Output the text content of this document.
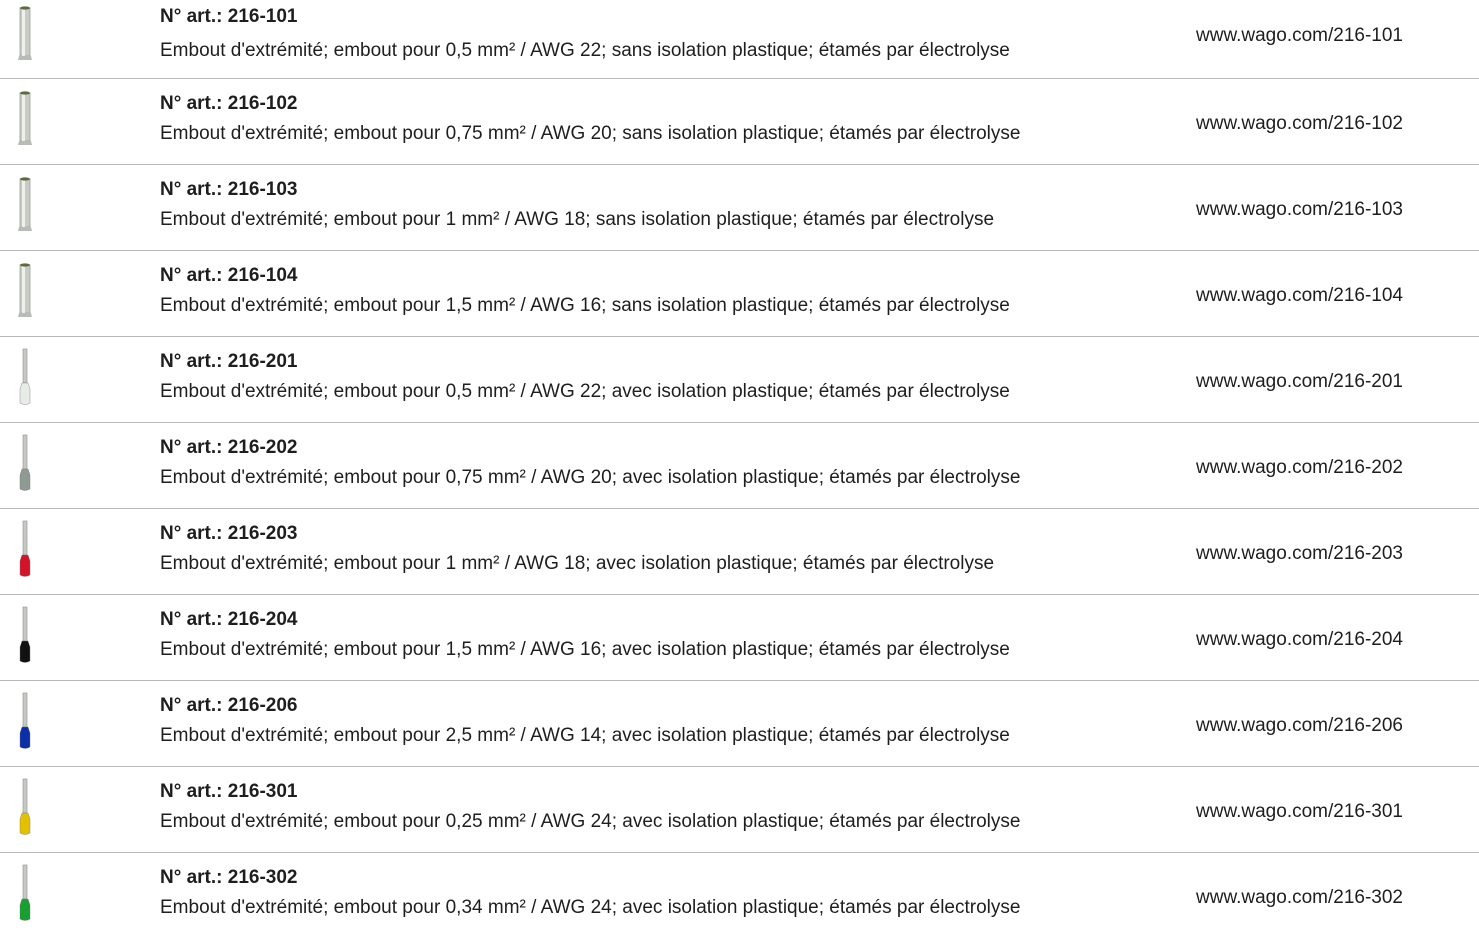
N° art.: 216-101
Embout d'extrémité; embout pour 0,5 mm² / AWG 22; sans isolation plastique; étamés par électrolyse
www.wago.com/216-101
N° art.: 216-102
Embout d'extrémité; embout pour 0,75 mm² / AWG 20; sans isolation plastique; étamés par électrolyse	www.wago.com/216-102
N° art.: 216-103
Embout d'extrémité; embout pour 1 mm² / AWG 18; sans isolation plastique; étamés par électrolyse	www.wago.com/216-103
N° art.: 216-104
Embout d'extrémité; embout pour 1,5 mm² / AWG 16; sans isolation plastique; étamés par électrolyse	www.wago.com/216-104
N° art.: 216-201
Embout d'extrémité; embout pour 0,5 mm² / AWG 22; avec isolation plastique; étamés par électrolyse	www.wago.com/216-201
N° art.: 216-202
Embout d'extrémité; embout pour 0,75 mm² / AWG 20; avec isolation plastique; étamés par électrolyse	www.wago.com/216-202
N° art.: 216-203
Embout d'extrémité; embout pour 1 mm² / AWG 18; avec isolation plastique; étamés par électrolyse	www.wago.com/216-203
N° art.: 216-204
Embout d'extrémité; embout pour 1,5 mm² / AWG 16; avec isolation plastique; étamés par électrolyse	www.wago.com/216-204
N° art.: 216-206
Embout d'extrémité; embout pour 2,5 mm² / AWG 14; avec isolation plastique; étamés par électrolyse	www.wago.com/216-206
N° art.: 216-301
Embout d'extrémité; embout pour 0,25 mm² / AWG 24; avec isolation plastique; étamés par électrolyse	www.wago.com/216-301
N° art.: 216-302
Embout d'extrémité; embout pour 0,34 mm² / AWG 24; avec isolation plastique; étamés par électrolyse	www.wago.com/216-302
